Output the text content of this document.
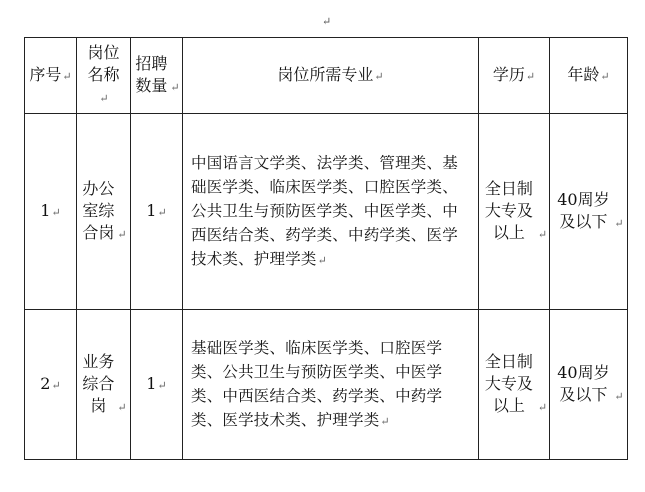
↵
序号↵	岗位名称↵	招聘数量 ↵	岗位所需专业↵	学历↵	年龄↵
1↵	办公室综合岗 ↵	1↵	中国语言文学类、法学类、管理类、基础医学类、临床医学类、口腔医学类、公共卫生与预防医学类、中医学类、中西医结合类、药学类、中药学类、医学技术类、护理学类↵	全日制大专及以上 ↵	40周岁及以下 ↵
2↵	业务综合岗 ↵	1↵	基础医学类、临床医学类、口腔医学类、公共卫生与预防医学类、中医学类、中西医结合类、药学类、中药学类、医学技术类、护理学类↵	全日制大专及以上 ↵	40周岁及以下 ↵
